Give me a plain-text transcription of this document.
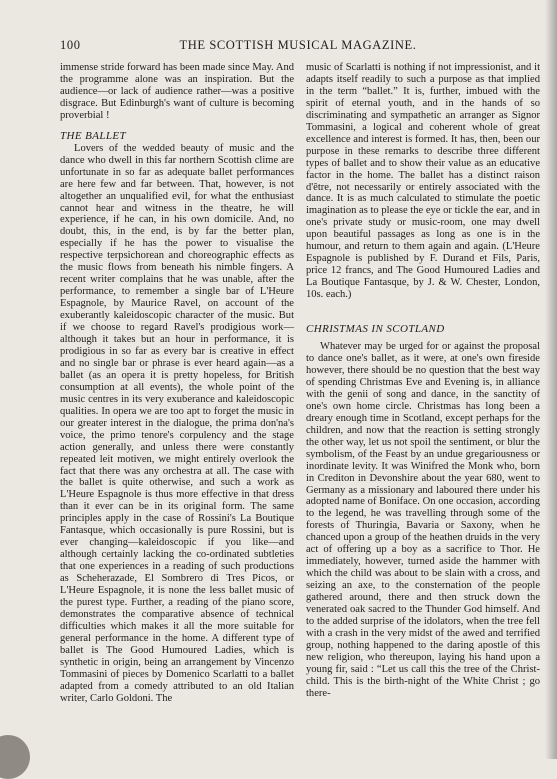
100	THE SCOTTISH MUSICAL MAGAZINE.

immense stride forward has been made since May. And the programme alone was an inspiration. But the audience—or lack of audience rather—was a positive disgrace. But Edinburgh's want of culture is becoming proverbial !

THE BALLET

Lovers of the wedded beauty of music and the dance who dwell in this far northern Scottish clime are unfortunate in so far as adequate ballet performances are here few and far between. That, however, is not altogether an unqualified evil, for what the enthusiast cannot hear and witness in the theatre, he will experience, if he can, in his own domicile. And, no doubt, this, in the end, is by far the better plan, especially if he has the power to visualise the respective terpsichorean and choreographic effects as the music flows from beneath his nimble fingers. A recent writer complains that he was unable, after the performance, to remember a single bar of L'Heure Espagnole, by Maurice Ravel, on account of the exuberantly kaleidoscopic character of the music. But if we choose to regard Ravel's prodigious work—although it takes but an hour in performance, it is prodigious in so far as every bar is creative in effect and no single bar or phrase is ever heard again—as a ballet (as an opera it is pretty hopeless, for British consumption at all events), the whole point of the music centres in its very exuberance and kaleidoscopic qualities. In opera we are too apt to forget the music in our greater interest in the dialogue, the prima don'na's voice, the primo tenore's corpulency and the stage action generally, and unless there were constantly repeated leit motiven, we might entirely overlook the fact that there was any orchestra at all. The case with the ballet is quite otherwise, and such a work as L'Heure Espagnole is thus more effective in that dress than it ever can be in its original form. The same principles apply in the case of Rossini's La Boutique Fantasque, which occasionally is pure Rossini, but is ever changing—kaleidoscopic if you like—and although certainly lacking the co-ordinated subtleties that one experiences in a reading of such productions as Scheherazade, El Sombrero di Tres Picos, or L'Heure Espagnole, it is none the less ballet music of the purest type. Further, a reading of the piano score, demonstrates the comparative absence of technical difficulties which makes it all the more suitable for general performance in the home. A different type of ballet is The Good Humoured Ladies, which is synthetic in origin, being an arrangement by Vincenzo Tommasini of pieces by Domenico Scarlatti to a ballet adapted from a comedy attributed to an old Italian writer, Carlo Goldoni. The

music of Scarlatti is nothing if not impressionist, and it adapts itself readily to such a purpose as that implied in the term “ballet.” It is, further, imbued with the spirit of eternal youth, and in the hands of so discriminating and sympathetic an arranger as Signor Tommasini, a logical and coherent whole of great excellence and interest is formed. It has, then, been our purpose in these remarks to describe three different types of ballet and to show their value as an educative factor in the home. The ballet has a distinct raison d'être, not necessarily or entirely associated with the dance. It is as much calculated to stimulate the poetic imagination as to please the eye or tickle the ear, and in one's private study or music-room, one may dwell upon beautiful passages as long as one is in the humour, and return to them again and again. (L'Heure Espagnole is published by F. Durand et Fils, Paris, price 12 francs, and The Good Humoured Ladies and La Boutique Fantasque, by J. & W. Chester, London, 10s. each.)

CHRISTMAS IN SCOTLAND

Whatever may be urged for or against the proposal to dance one's ballet, as it were, at one's own fireside however, there should be no question that the best way of spending Christmas Eve and Evening is, in alliance with the genii of song and dance, in the sanctity of one's own home circle. Christmas has long been a dreary enough time in Scotland, except perhaps for the children, and now that the reaction is setting strongly the other way, let us not spoil the sentiment, or blur the symbolism, of the Feast by an undue gregariousness or inordinate levity. It was Winifred the Monk who, born in Crediton in Devonshire about the year 680, went to Germany as a missionary and laboured there under his adopted name of Boniface. On one occasion, according to the legend, he was travelling through some of the forests of Thuringia, Bavaria or Saxony, when he chanced upon a group of the heathen druids in the very act of offering up a boy as a sacrifice to Thor. He immediately, however, turned aside the hammer with which the child was about to be slain with a cross, and seizing an axe, to the consternation of the people gathered around, there and then struck down the venerated oak sacred to the Thunder God himself. And to the added surprise of the idolators, when the tree fell with a crash in the very midst of the awed and terrified group, nothing happened to the daring apostle of this new religion, who thereupon, laying his hand upon a young fir, said : “Let us call this the tree of the Christ-child. This is the birth-night of the White Christ ; go there-
